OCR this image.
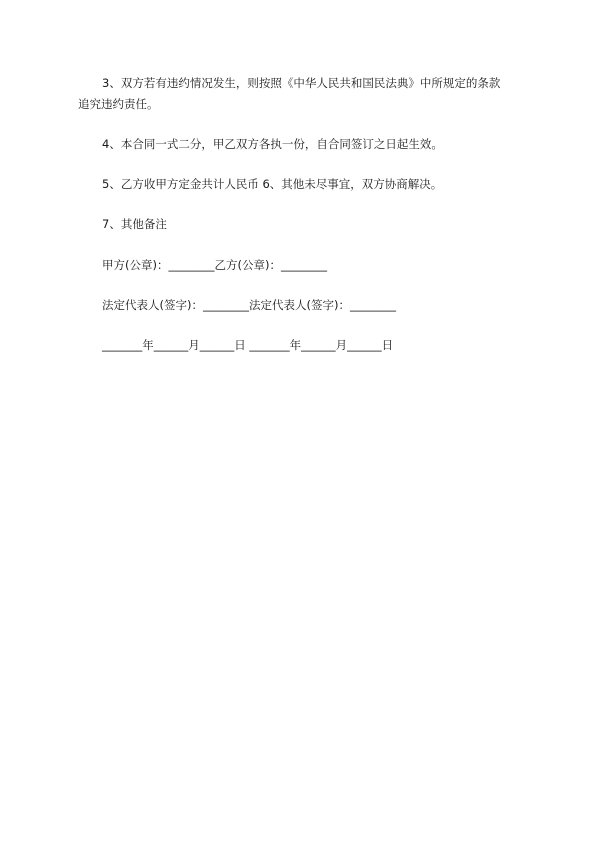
3、双方若有违约情况发生，则按照《中华人民共和国民法典》中所规定的条款
追究违约责任。
4、本合同一式二分，甲乙双方各执一份，自合同签订之日起生效。
5、乙方收甲方定金共计人民币 6、其他未尽事宜，双方协商解决。
7、其他备注
甲方(公章)：________乙方(公章)：________
法定代表人(签字)：________法定代表人(签字)：________
_______年______月______日 _______年______月______日
